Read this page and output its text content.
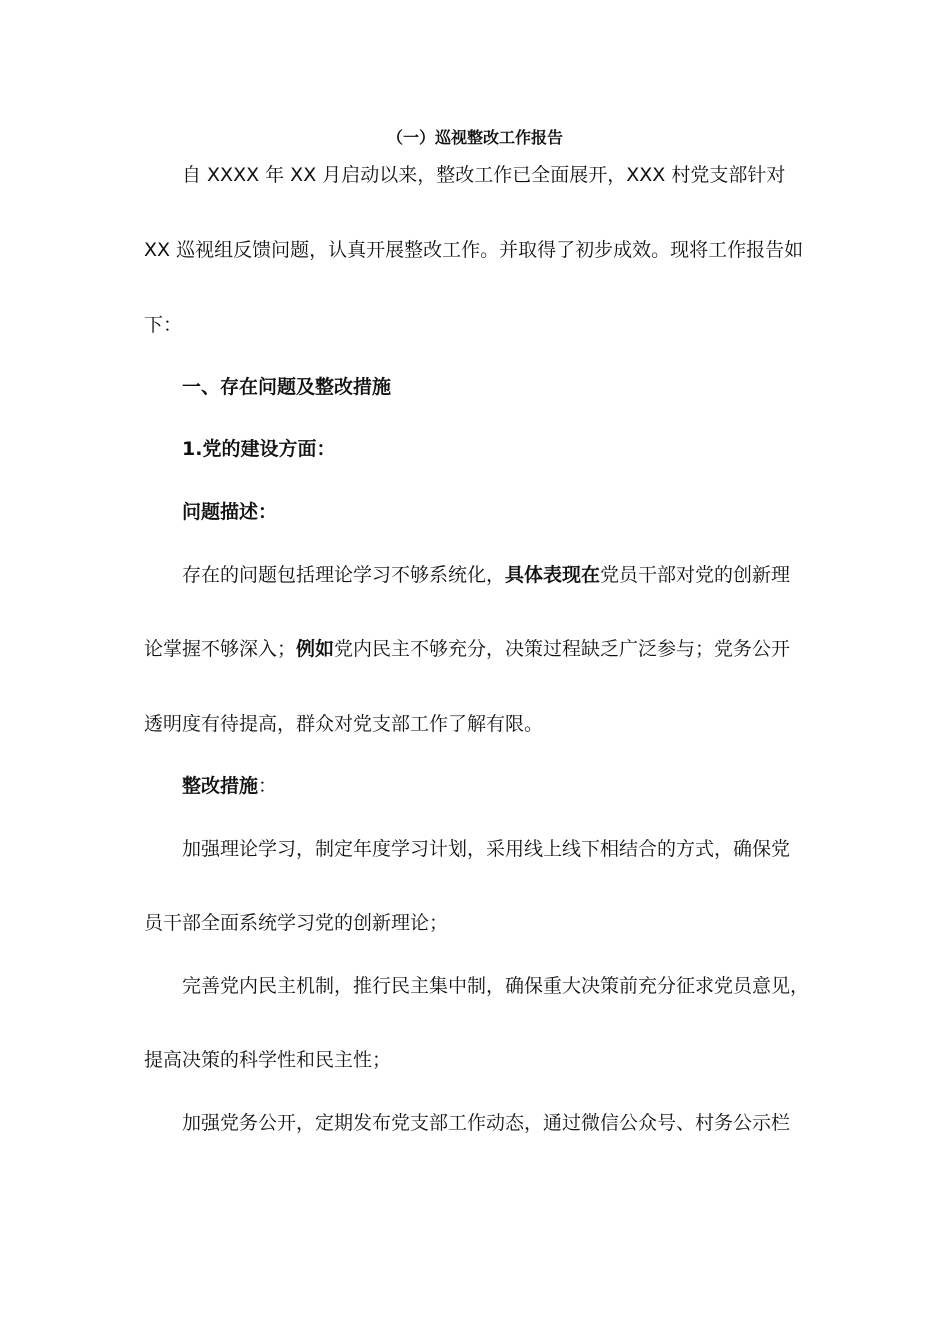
（一）巡视整改工作报告

自 XXXX 年 XX 月启动以来，整改工作已全面展开，XXX 村党支部针对

XX 巡视组反馈问题，认真开展整改工作。并取得了初步成效。现将工作报告如

下：

一、存在问题及整改措施

1.党的建设方面：

问题描述：

存在的问题包括理论学习不够系统化，具体表现在党员干部对党的创新理

论掌握不够深入；例如党内民主不够充分，决策过程缺乏广泛参与；党务公开

透明度有待提高，群众对党支部工作了解有限。

整改措施：

加强理论学习，制定年度学习计划，采用线上线下相结合的方式，确保党

员干部全面系统学习党的创新理论；

完善党内民主机制，推行民主集中制，确保重大决策前充分征求党员意见，

提高决策的科学性和民主性；

加强党务公开，定期发布党支部工作动态，通过微信公众号、村务公示栏
